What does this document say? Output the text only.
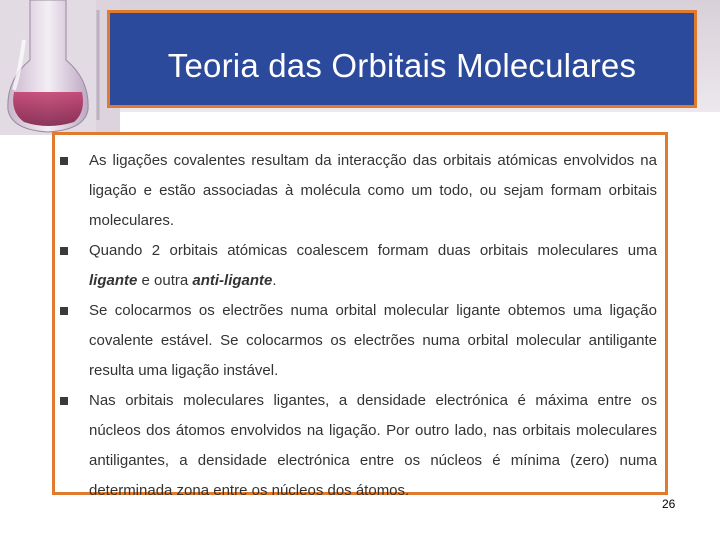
Teoria das Orbitais Moleculares
As ligações covalentes resultam da interacção das orbitais atómicas envolvidos na ligação e estão associadas à molécula como um todo, ou sejam formam orbitais moleculares.
Quando 2 orbitais atómicas coalescem formam duas orbitais moleculares uma ligante e outra anti-ligante.
Se colocarmos os electrões numa orbital molecular ligante obtemos uma ligação covalente estável. Se colocarmos os electrões numa orbital molecular antiligante resulta uma ligação instável.
Nas orbitais moleculares ligantes, a densidade electrónica é máxima entre os núcleos dos átomos envolvidos na ligação. Por outro lado, nas orbitais moleculares antiligantes, a densidade electrónica entre os núcleos é mínima (zero) numa determinada zona entre os núcleos dos átomos.
26
